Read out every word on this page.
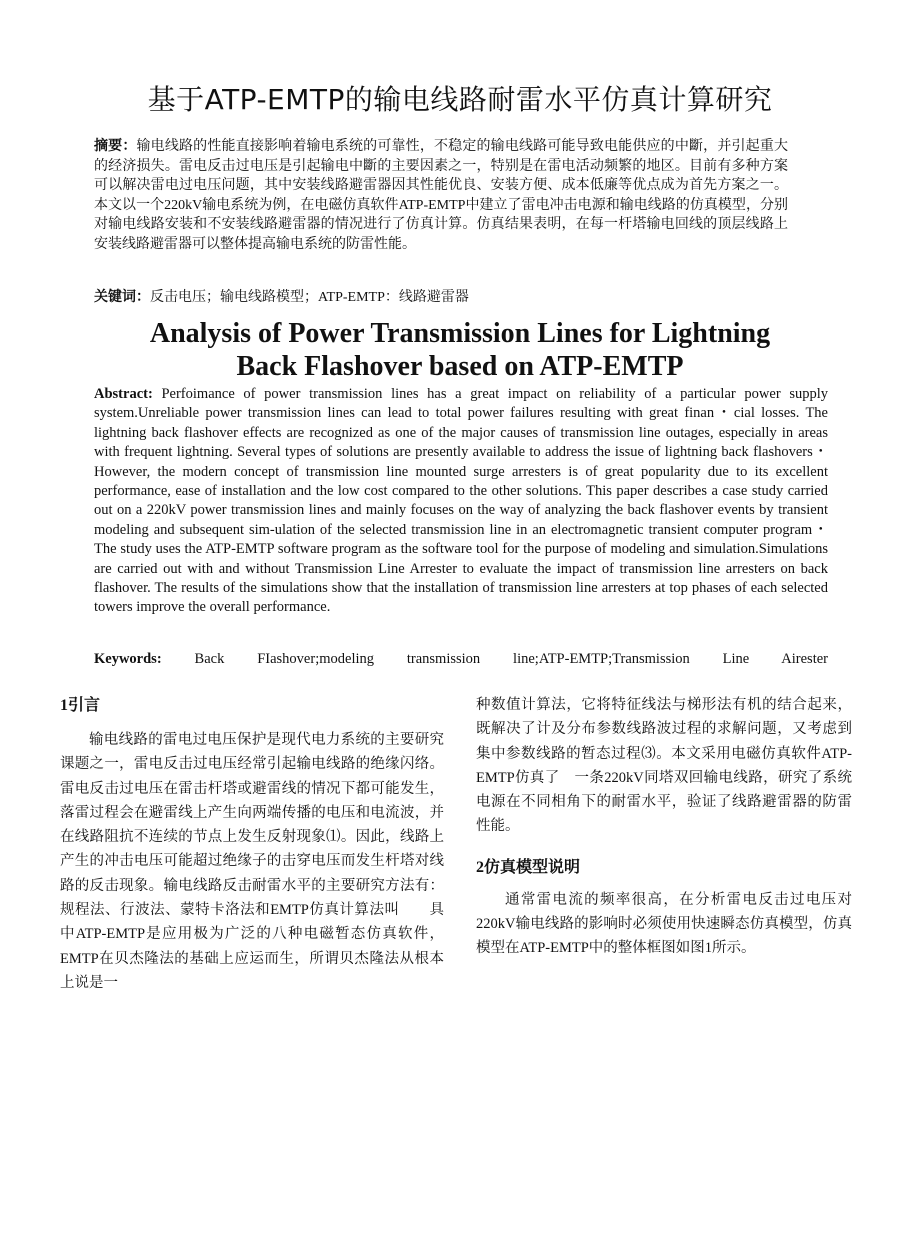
基于ATP-EMTP的输电线路耐雷水平仿真计算研究

摘要：输电线路的性能直接影响着输电系统的可靠性，不稳定的输电线路可能导致电能供应的中斷，并引起重大的经济损失。雷电反击过电压是引起输电中斷的主要因素之一，特别是在雷电活动频繁的地区。目前有多种方案可以解决雷电过电压问题，其中安装线路避雷器因其性能优良、安装方便、成本低廉等优点成为首先方案之一。本文以一个220kV输电系统为例，在电磁仿真软件ATP-EMTP中建立了雷电冲击电源和输电线路的仿真模型，分别对输电线路安装和不安装线路避雷器的情况进行了仿真计算。仿真结果表明，在每一杆塔输电回线的顶层线路上安装线路避雷器可以整体提高输电系统的防雷性能。

关键词：反击电压；输电线路模型；ATP-EMTP：线路避雷器

Analysis of Power Transmission Lines for Lightning
Back Flashover based on ATP-EMTP

Abstract: Perfoimance of power transmission lines has a great impact on reliability of a particular power supply system.Unreliable power transmission lines can lead to total power failures resulting with great finan・cial losses. The lightning back flashover effects are recognized as one of the major causes of transmission line outages, especially in areas with frequent lightning. Several types of solutions are presently available to address the issue of lightning back flashovers・However, the modern concept of transmission line mounted surge arresters is of great popularity due to its excellent performance, ease of installation and the low cost compared to the other solutions. This paper describes a case study carried out on a 220kV power transmission lines and mainly focuses on the way of analyzing the back flashover events by transient modeling and subsequent sim-ulation of the selected transmission line in an electromagnetic transient computer program・The study uses the ATP-EMTP software program as the software tool for the purpose of modeling and simulation.Simulations are carried out with and without Transmission Line Arrester to evaluate the impact of transmission line arresters on back flashover. The results of the simulations show that the installation of transmission line arresters at top phases of each selected towers improve the overall performance.

Keywords: Back FIashover;modeling transmission line;ATP-EMTP;Transmission Line Airester

1引言

输电线路的雷电过电压保护是现代电力系统的主要研究课题之一，雷电反击过电压经常引起输电线路的绝缘闪络。雷电反击过电压在雷击杆塔或避雷线的情况下都可能发生，落雷过程会在避雷线上产生向两端传播的电压和电流波，并在线路阻抗不连续的节点上发生反射现象⑴。因此，线路上产生的冲击电压可能超过绝缘子的击穿电压而发生杆塔对线路的反击现象。输电线路反击耐雷水平的主要研究方法有：规程法、行波法、蒙特卡洛法和EMTP仿真计算法叫　　具中ATP-EMTP是应用极为广泛的八种电磁暂态仿真软件，EMTP在贝杰隆法的基础上应运而生，所谓贝杰隆法从根本上说是一

种数值计算法，它将特征线法与梯形法有机的结合起来，既解决了计及分布参数线路波过程的求解问题，又考虑到集中参数线路的暂态过程⑶。本文采用电磁仿真软件ATP-EMTP仿真了　一条220kV同塔双回输电线路，研究了系统电源在不同相角下的耐雷水平，验证了线路避雷器的防雷性能。

2仿真模型说明

通常雷电流的频率很高，在分析雷电反击过电压对220kV输电线路的影响时必须使用快速瞬态仿真模型，仿真模型在ATP-EMTP中的整体框图如图1所示。
